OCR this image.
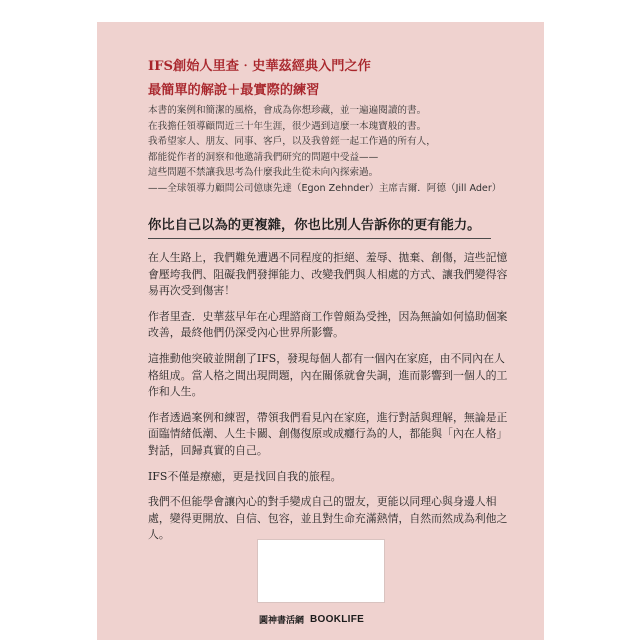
IFS創始人里查‧史華茲經典入門之作
最簡單的解說＋最實際的練習
本書的案例和簡潔的風格，會成為你想珍藏，並一遍遍閱讀的書。
在我擔任領導顧問近三十年生涯，很少遇到這麼一本瑰寶般的書。
我希望家人、朋友、同事、客戶，以及我曾經一起工作過的所有人，
都能從作者的洞察和他邀請我們研究的問題中受益——
這些問題不禁讓我思考為什麼我此生從未向內探索過。
——全球領導力顧問公司億康先達（Egon Zehnder）主席吉爾．阿德（Jill Ader）
你比自己以為的更複雜，你也比別人告訴你的更有能力。
在人生路上，我們難免遭遇不同程度的拒絕、羞辱、拋棄、創傷，這些記憶
會壓垮我們、阻礙我們發揮能力、改變我們與人相處的方式、讓我們變得容
易再次受到傷害！
作者里查．史華茲早年在心理諮商工作曾頗為受挫，因為無論如何協助個案
改善，最終他們仍深受內心世界所影響。
這推動他突破並開創了IFS，發現每個人都有一個內在家庭，由不同內在人
格組成。當人格之間出現問題，內在關係就會失調，進而影響到一個人的工
作和人生。
作者透過案例和練習，帶領我們看見內在家庭，進行對話與理解，無論是正
面臨情緒低潮、人生卡關、創傷復原或成癮行為的人，都能與「內在人格」
對話，回歸真實的自己。
IFS不僅是療癒，更是找回自我的旅程。
我們不但能學會讓內心的對手變成自己的盟友，更能以同理心與身邊人相
處，變得更開放、自信、包容，並且對生命充滿熱情，自然而然成為利他之
人。
圓神書活網 BOOKLIFE
